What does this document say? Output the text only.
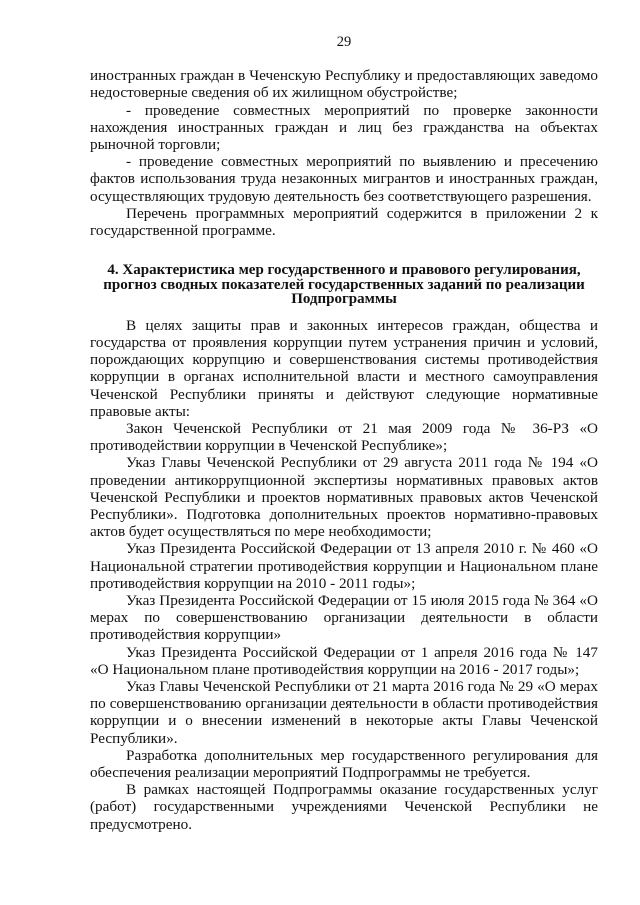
29

иностранных граждан в Чеченскую Республику и предоставляющих заведомо недостоверные сведения об их жилищном обустройстве;

- проведение совместных мероприятий по проверке законности нахождения иностранных граждан и лиц без гражданства на объектах рыночной торговли;

- проведение совместных мероприятий по выявлению и пресечению фактов использования труда незаконных мигрантов и иностранных граждан, осуществляющих трудовую деятельность без соответствующего разрешения.

Перечень программных мероприятий содержится в приложении 2 к государственной программе.

4. Характеристика мер государственного и правового регулирования,
прогноз сводных показателей государственных заданий по реализации
Подпрограммы

В целях защиты прав и законных интересов граждан, общества и государства от проявления коррупции путем устранения причин и условий, порождающих коррупцию и совершенствования системы противодействия коррупции в органах исполнительной власти и местного самоуправления Чеченской Республики приняты и действуют следующие нормативные правовые акты:

Закон Чеченской Республики от 21 мая 2009 года № 36-РЗ «О противодействии коррупции в Чеченской Республике»;

Указ Главы Чеченской Республики от 29 августа 2011 года № 194 «О проведении антикоррупционной экспертизы нормативных правовых актов Чеченской Республики и проектов нормативных правовых актов Чеченской Республики». Подготовка дополнительных проектов нормативно-правовых актов будет осуществляться по мере необходимости;

Указ Президента Российской Федерации от 13 апреля 2010 г. № 460 «О Национальной стратегии противодействия коррупции и Национальном плане противодействия коррупции на 2010 - 2011 годы»;

Указ Президента Российской Федерации от 15 июля 2015 года № 364 «О мерах по совершенствованию организации деятельности в области противодействия коррупции»

Указ Президента Российской Федерации от 1 апреля 2016 года № 147 «О Национальном плане противодействия коррупции на 2016 - 2017 годы»;

Указ Главы Чеченской Республики от 21 марта 2016 года № 29 «О мерах по совершенствованию организации деятельности в области противодействия коррупции и о внесении изменений в некоторые акты Главы Чеченской Республики».

Разработка дополнительных мер государственного регулирования для обеспечения реализации мероприятий Подпрограммы не требуется.

В рамках настоящей Подпрограммы оказание государственных услуг (работ) государственными учреждениями Чеченской Республики не предусмотрено.
